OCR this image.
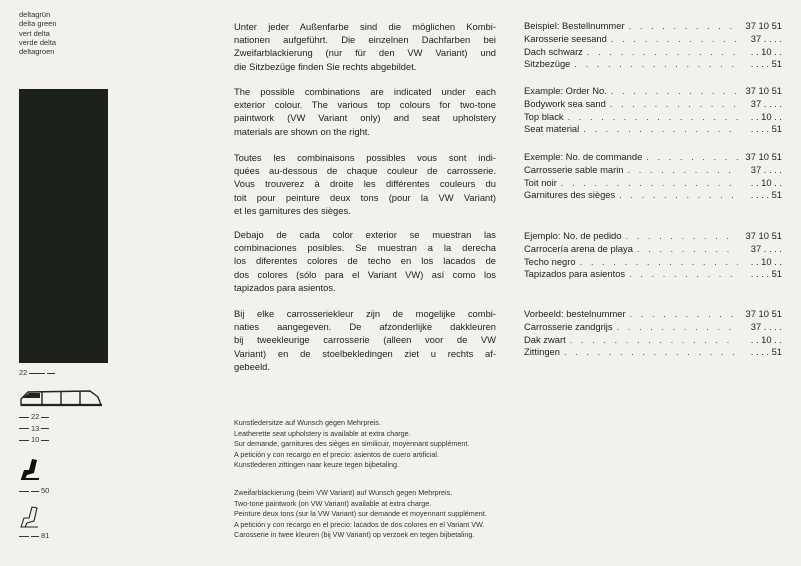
deltagrün
delta green
vert delta
verde delta
deltagroen
22
22
13
10
50
81
Unter jeder Außenfarbe sind die möglichen Kombi-
nationen aufgeführt. Die einzelnen Dachfarben bei
Zweifarblackierung (nur für den VW Variant) und
die Sitzbezüge finden Sie rechts abgebildet.
The possible combinations are indicated under each
exterior colour. The various top colours for two-tone
paintwork (VW Variant only) and seat upholstery
materials are shown on the right.
Toutes les combinaisons possibles vous sont indi-
quées au-dessous de chaque couleur de carrosserie.
Vous trouverez à droite les différentes couleurs du
toit pour peinture deux tons (pour la VW Variant)
et les garnitures des sièges.
Debajo de cada color exterior se muestran las
combinaciones posibles. Se muestran a la derecha
los diferentes colores de techo en los lacados de
dos colores (sólo para el Variant VW) así como los
tapizados para asientos.
Bij elke carrosseriekleur zijn de mogelijke combi-
naties aangegeven. De afzonderlijke dakkleuren
bij tweekleurige carrosserie (alleen voor de VW
Variant) en de stoelbekledingen ziet u rechts af-
gebeeld.
Beispiel: Bestellnummer . . .	37 10 51
Karosserie seesand . . .	37 . . . .
Dach schwarz . . .	. . 10 . .
Sitzbezüge . . .	. . . . 51
Example: Order No. . . .	37 10 51
Bodywork sea sand . . .	37 . . . .
Top black . . .	. . 10 . .
Seat material . . .	. . . . 51
Exemple: No. de commande . . .	37 10 51
Carrosserie sable marin . . .	37 . . . .
Toit noir . . .	. . 10 . .
Garnitures des sièges . . .	. . . . 51
Ejemplo: No. de pedido . . .	37 10 51
Carrocería arena de playa . . .	37 . . . .
Techo negro . . .	. . 10 . .
Tapizados para asientos . . .	. . . . 51
Vorbeeld: bestelnummer . . .	37 10 51
Carrosserie zandgrijs . . .	37 . . . .
Dak zwart . . .	. . 10 . .
Zittingen . . .	. . . . 51
Kunstledersitze auf Wunsch gegen Mehrpreis.
Leatherette seat upholstery is available at extra charge.
Sur demande, garnitures des sièges en similicuir, moyennant supplément.
A petición y con recargo en el precio: asientos de cuero artificial.
Kunstlederen zittingen naar keuze tegen bijbetaling.
Zweifarblackierung (beim VW Variant) auf Wunsch gegen Mehrpreis.
Two-tone paintwork (on VW Variant) available at extra charge.
Peinture deux tons (sur la VW Variant) sur demande et moyennant supplément.
A petición y con recargo en el precio: lacados de dos colores en el Variant VW.
Carosserie in twee kleuren (bij VW Variant) op verzoek en tegen bijbetaling.
